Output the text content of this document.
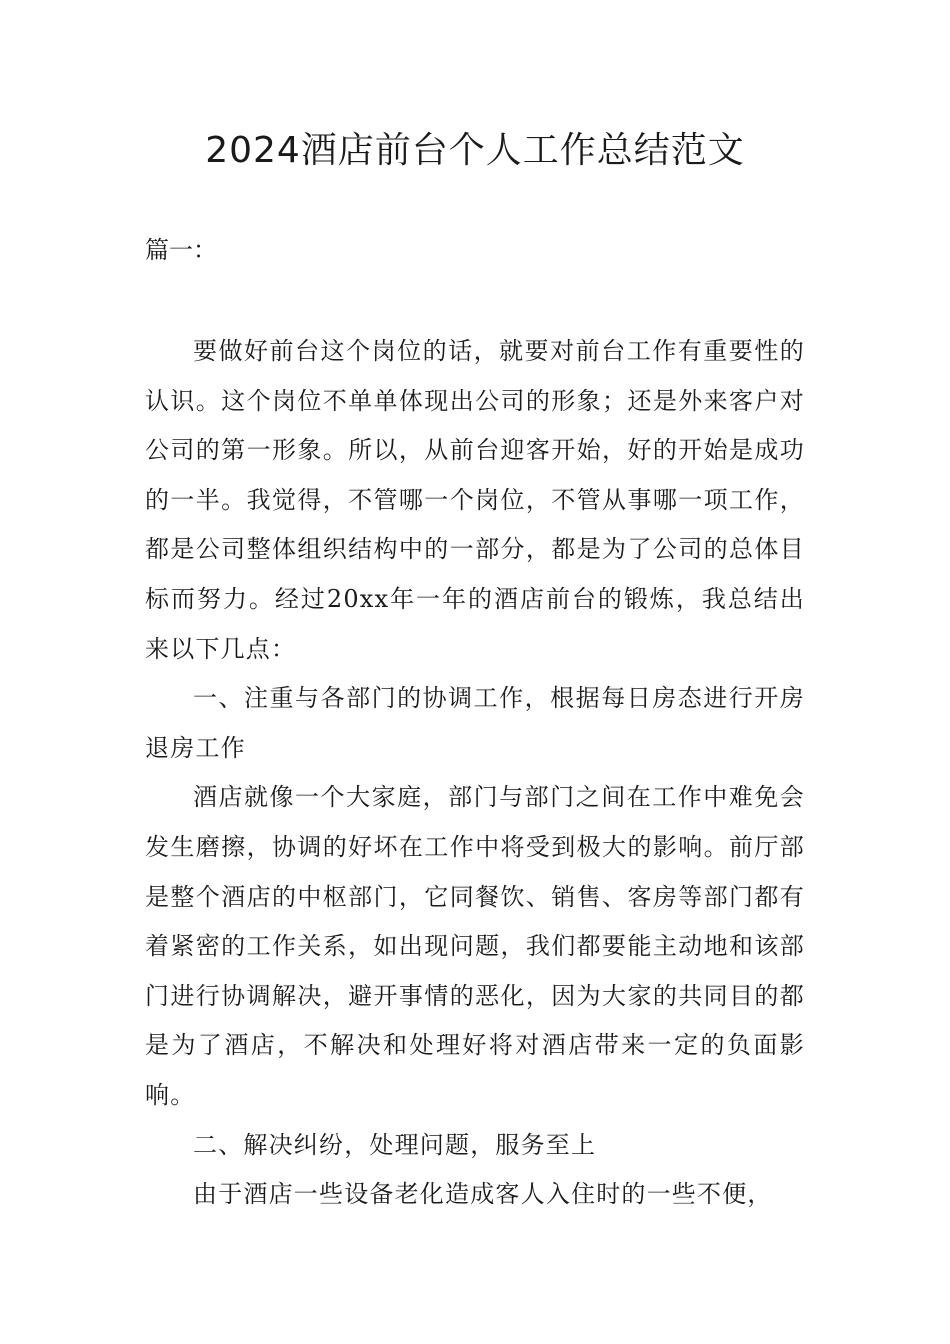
2024酒店前台个人工作总结范文
篇一：

要做好前台这个岗位的话，就要对前台工作有重要性的认识。这个岗位不单单体现出公司的形象；还是外来客户对公司的第一形象。所以，从前台迎客开始，好的开始是成功的一半。我觉得，不管哪一个岗位，不管从事哪一项工作，都是公司整体组织结构中的一部分，都是为了公司的总体目标而努力。经过20xx年一年的酒店前台的锻炼，我总结出来以下几点：

一、注重与各部门的协调工作，根据每日房态进行开房退房工作

酒店就像一个大家庭，部门与部门之间在工作中难免会发生磨擦，协调的好坏在工作中将受到极大的影响。前厅部是整个酒店的中枢部门，它同餐饮、销售、客房等部门都有着紧密的工作关系，如出现问题，我们都要能主动地和该部门进行协调解决，避开事情的恶化，因为大家的共同目的都是为了酒店，不解决和处理好将对酒店带来一定的负面影响。

二、解决纠纷，处理问题，服务至上

由于酒店一些设备老化造成客人入住时的一些不便，
